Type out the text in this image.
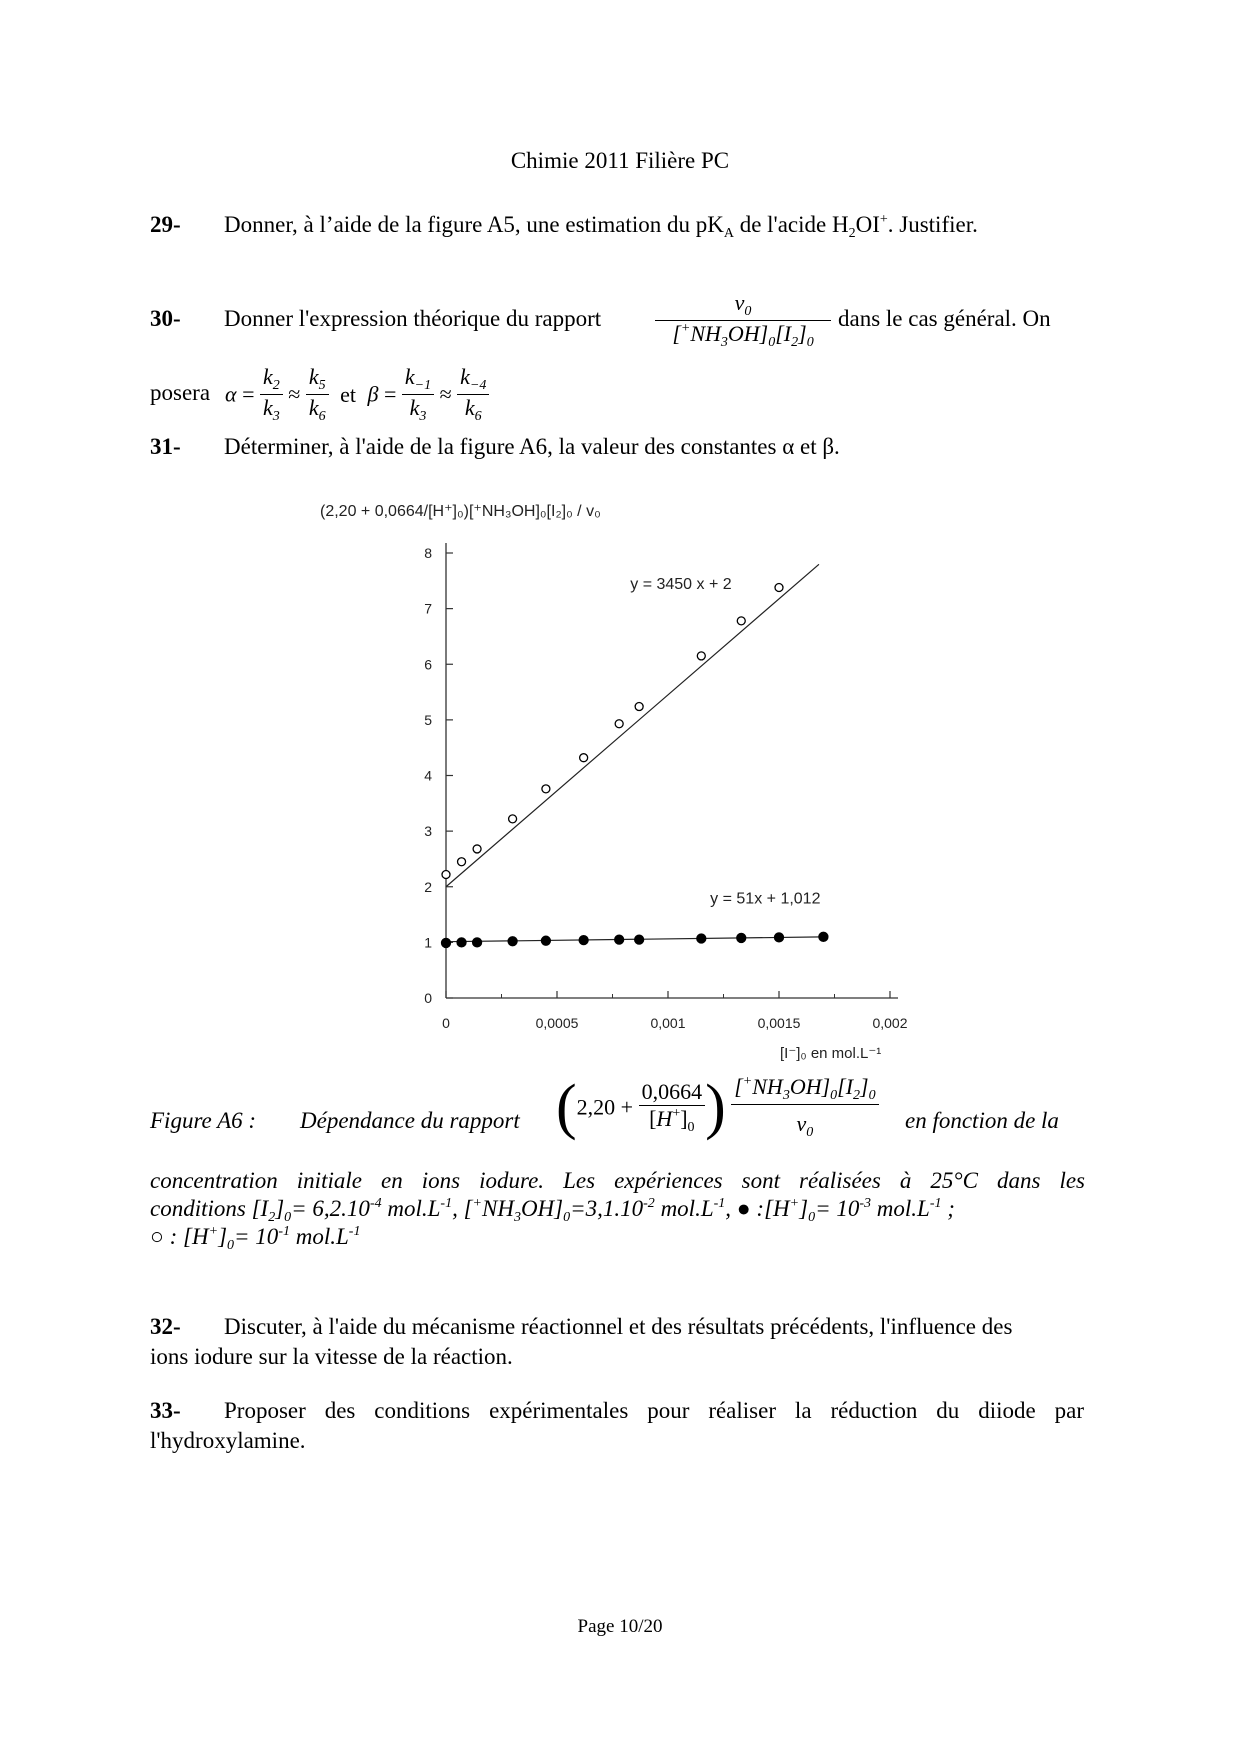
Chimie 2011 Filière PC
29- Donner, à l’aide de la figure A5, une estimation du $pK_A$ de l'acide $H_2OI^+$. Justifier.
30- Donner l'expression théorique du rapport $\frac{v_0}{[^+NH_3OH]_0[I_2]_0}$ dans le cas général. On
posera $\alpha = \frac{k_2}{k_3} \approx \frac{k_5}{k_6}$ et $\beta = \frac{k_{-1}}{k_3} \approx \frac{k_{-4}}{k_6}$
31- Déterminer, à l'aide de la figure A6, la valeur des constantes α et β.
(2,20 + 0,0664/[H⁺]₀)[⁺NH₃OH]₀[I₂]₀ / v₀
0
1
2
3
4
5
6
7
8
0	0,0005	0,001	0,0015	0,002
y = 3450 x + 2
y = 51x + 1,012
[I⁻]₀ en mol.L⁻¹
Figure A6 : Dépendance du rapport ($2,20 + \frac{0,0664}{[H^+]_0}$ ) $\frac{[^+NH_3OH]_0[I_2]_0}{v_0}$ en fonction de la
concentration initiale en ions iodure. Les expériences sont réalisées à 25°C dans les
conditions $[I_2]_0= 6,2.10^{-4}$ $mol.L^{-1}$, $[^+NH_3OH]_0=3,1.10^{-2}$ $mol.L^{-1}$, ● $:[H^+]_0= 10^{-3}$ $mol.L^{-1}$ ;
○ : $[H^+]_0= 10^{-1}$ $mol.L^{-1}$
32- Discuter, à l'aide du mécanisme réactionnel et des résultats précédents, l'influence des
ions iodure sur la vitesse de la réaction.
33- Proposer des conditions expérimentales pour réaliser la réduction du diiode par
l'hydroxylamine.
Page 10/20
